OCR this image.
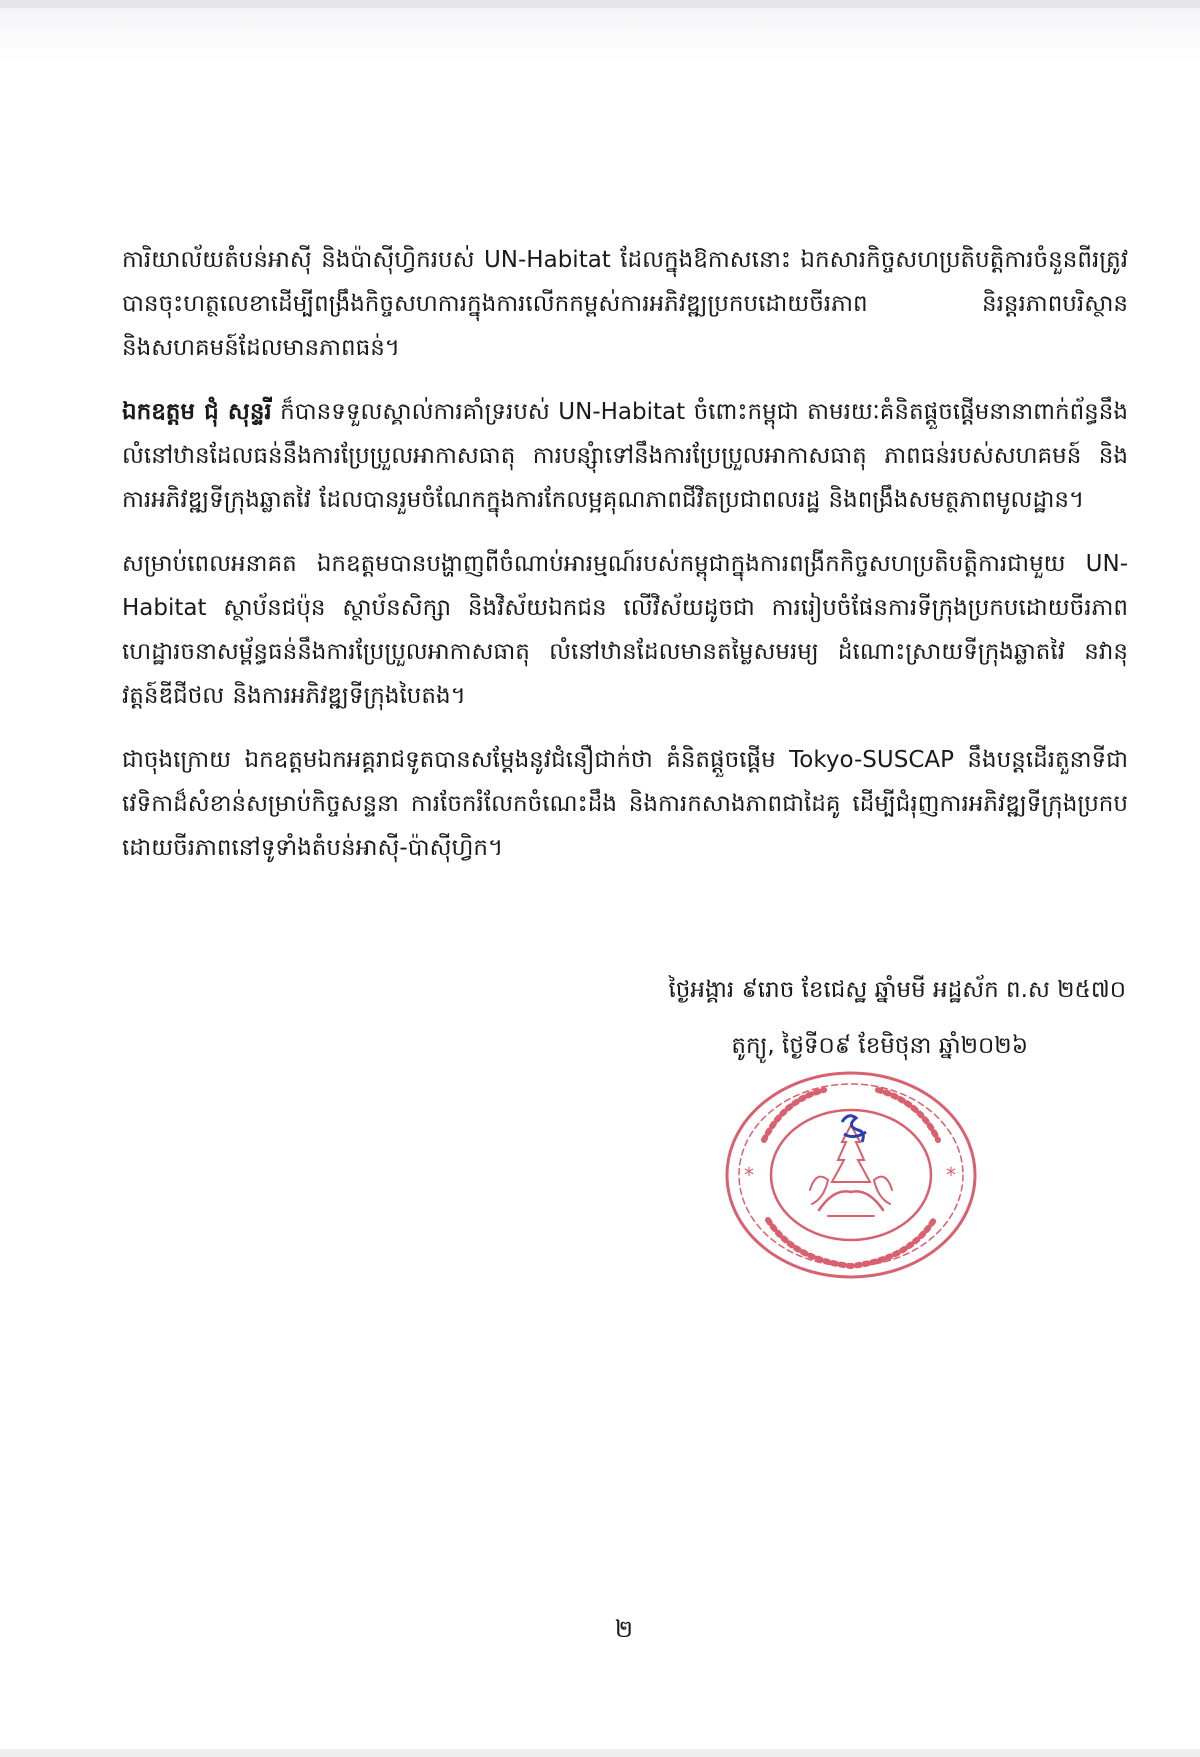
ការិយាល័យតំបន់អាស៊ី និងប៉ាស៊ីហ្វិករបស់ UN-Habitat ដែលក្នុងឱកាសនោះ ឯកសារកិច្ចសហប្រតិបត្តិការចំនួនពីរត្រូវបានចុះហត្ថលេខាដើម្បីពង្រឹងកិច្ចសហការក្នុងការលើកកម្ពស់ការអភិវឌ្ឍប្រកបដោយចីរភាព និរន្តរភាពបរិស្ថាន និងសហគមន៍ដែលមានភាពធន់។

ឯកឧត្តម ជុំ សុន្ទរី ក៏បានទទួលស្គាល់ការគាំទ្ររបស់ UN-Habitat ចំពោះកម្ពុជា តាមរយៈគំនិតផ្តួចផ្តើមនានាពាក់ព័ន្ធនឹងលំនៅឋានដែលធន់នឹងការប្រែប្រួលអាកាសធាតុ ការបន្សុំាទៅនឹងការប្រែប្រួលអាកាសធាតុ ភាពធន់របស់សហគមន៍ និងការអភិវឌ្ឍទីក្រុងឆ្លាតវៃ ដែលបានរួមចំណែកក្នុងការកែលម្អគុណភាពជីវិតប្រជាពលរដ្ឋ និងពង្រឹងសមត្ថភាពមូលដ្ឋាន។

សម្រាប់ពេលអនាគត ឯកឧត្តមបានបង្ហាញពីចំណាប់អារម្មណ៍របស់កម្ពុជាក្នុងការពង្រីកកិច្ចសហប្រតិបត្តិការជាមួយ UN-Habitat ស្ថាប័នជប៉ុន ស្ថាប័នសិក្សា និងវិស័យឯកជន លើវិស័យដូចជា ការរៀបចំផែនការទីក្រុងប្រកបដោយចីរភាព ហេដ្ឋារចនាសម្ព័ន្ធធន់នឹងការប្រែប្រួលអាកាសធាតុ លំនៅឋានដែលមានតម្លៃសមរម្យ ដំណោះស្រាយទីក្រុងឆ្លាតវៃ នវានុវត្តន៍ឌីជីថល និងការអភិវឌ្ឍទីក្រុងបៃតង។

ជាចុងក្រោយ ឯកឧត្តមឯកអគ្គរាជទូតបានសម្តែងនូវជំនឿជាក់ថា គំនិតផ្តួចផ្តើម Tokyo-SUSCAP នឹងបន្តដើរតួនាទីជាវេទិកាដ៏សំខាន់សម្រាប់កិច្ចសន្ទនា ការចែករំលែកចំណេះដឹង និងការកសាងភាពជាដៃគូ ដើម្បីជំរុញការអភិវឌ្ឍទីក្រុងប្រកបដោយចីរភាពនៅទូទាំងតំបន់អាស៊ី-ប៉ាស៊ីហ្វិក។

ថ្ងៃអង្គារ ៩រោច ខែជេស្ឋ ឆ្នាំមមី អដ្ឋស័ក ព.ស ២៥៧០
តូក្យូ, ថ្ងៃទី០៩ ខែមិថុនា ឆ្នាំ២០២៦
*	*
២
